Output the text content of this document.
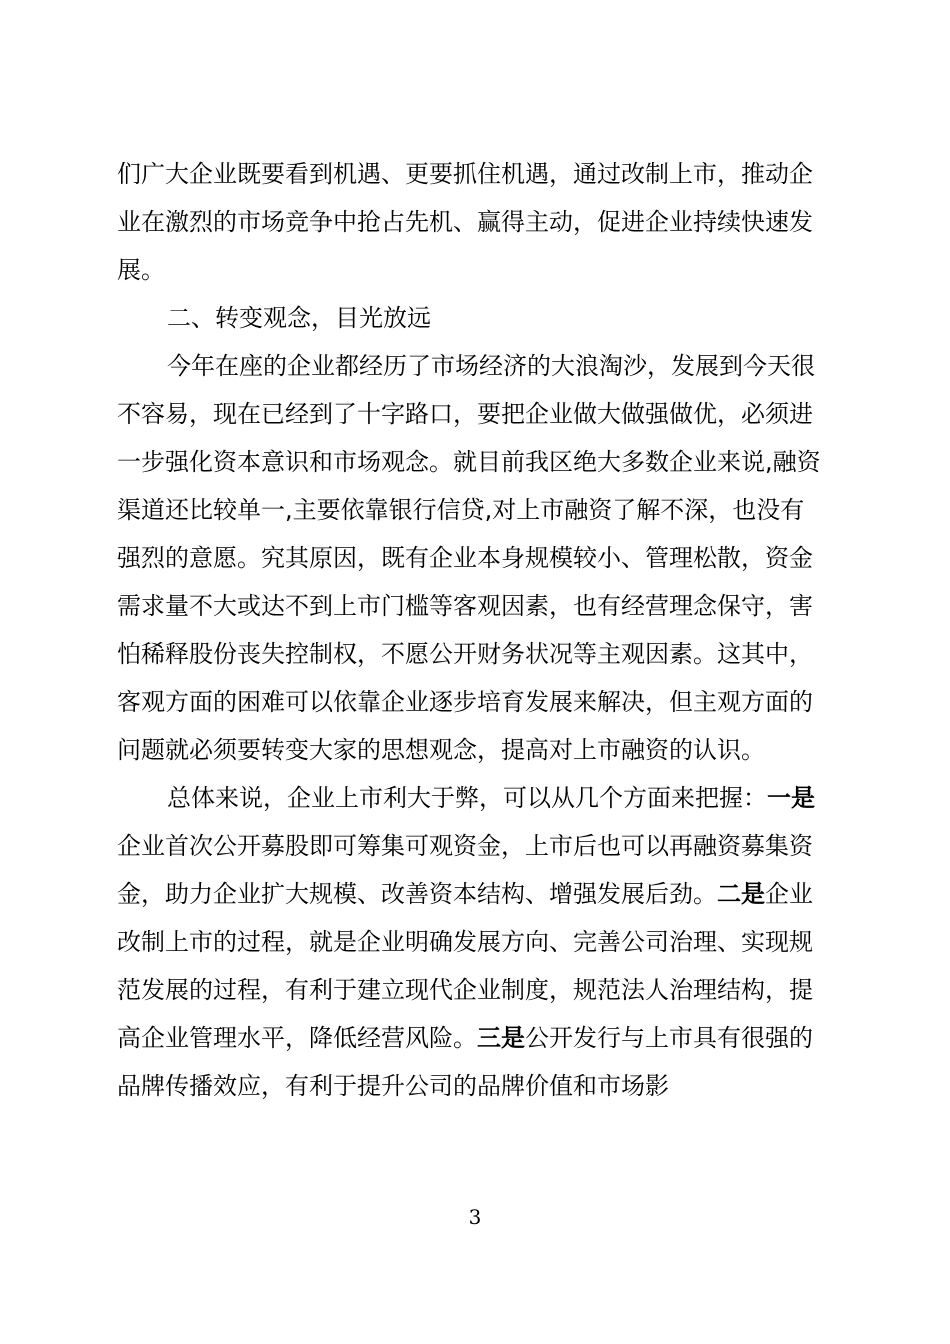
们广大企业既要看到机遇、更要抓住机遇，通过改制上市，推动企
业在激烈的市场竞争中抢占先机、赢得主动，促进企业持续快速发
展。
二、转变观念，目光放远
今年在座的企业都经历了市场经济的大浪淘沙，发展到今天很
不容易，现在已经到了十字路口，要把企业做大做强做优，必须进
一步强化资本意识和市场观念。就目前我区绝大多数企业来说,融资
渠道还比较单一,主要依靠银行信贷,对上市融资了解不深，也没有
强烈的意愿。究其原因，既有企业本身规模较小、管理松散，资金
需求量不大或达不到上市门槛等客观因素，也有经营理念保守，害
怕稀释股份丧失控制权，不愿公开财务状况等主观因素。这其中，
客观方面的困难可以依靠企业逐步培育发展来解决，但主观方面的
问题就必须要转变大家的思想观念，提高对上市融资的认识。
总体来说，企业上市利大于弊，可以从几个方面来把握：一是
企业首次公开募股即可筹集可观资金，上市后也可以再融资募集资
金，助力企业扩大规模、改善资本结构、增强发展后劲。二是企业
改制上市的过程，就是企业明确发展方向、完善公司治理、实现规
范发展的过程，有利于建立现代企业制度，规范法人治理结构，提
高企业管理水平，降低经营风险。三是公开发行与上市具有很强的
品牌传播效应，有利于提升公司的品牌价值和市场影
3
